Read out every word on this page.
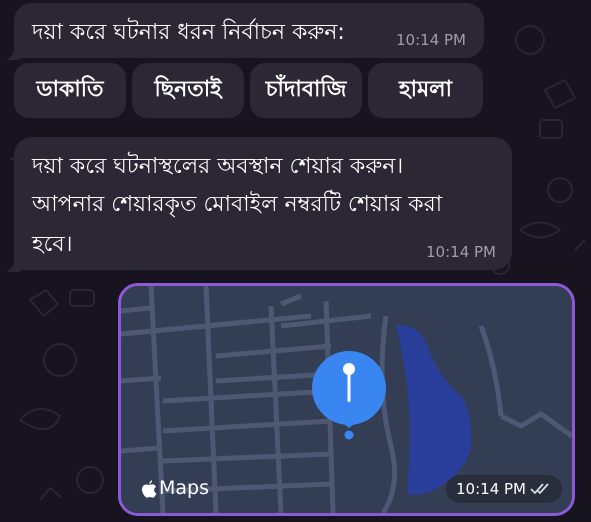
দয়া করে ঘটনার ধরন নির্বাচন করুন:	10:14 PM
ডাকাতি	ছিনতাই	চাঁদাবাজি	হামলা
দয়া করে ঘটনাস্থলের অবস্থান শেয়ার করুন।
আপনার শেয়ারকৃত মোবাইল নম্বরটি শেয়ার করা
হবে।	10:14 PM
Maps	10:14 PM
